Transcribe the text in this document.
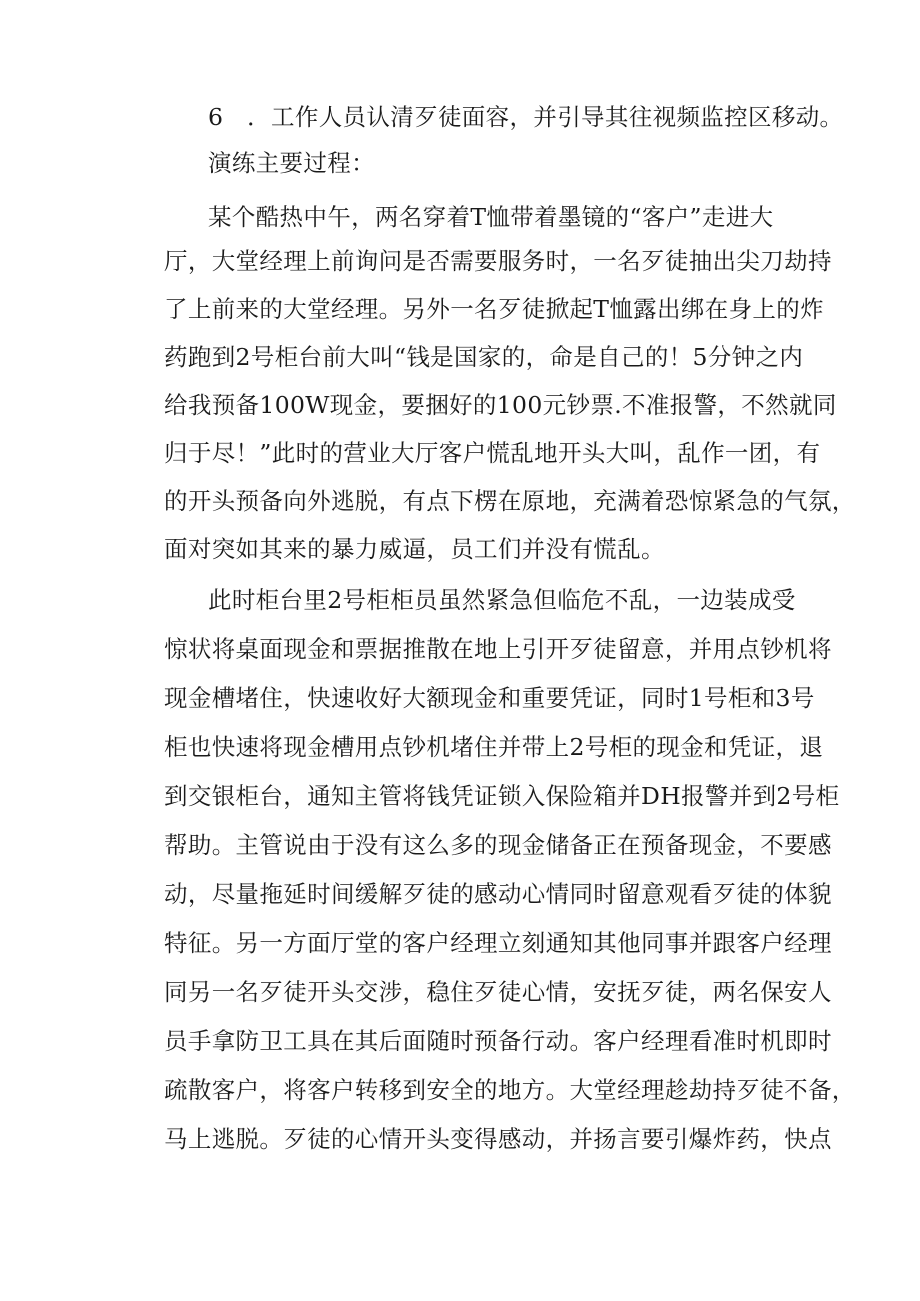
6　．工作人员认清歹徒面容，并引导其往视频监控区移动。
演练主要过程：
某个酷热中午，两名穿着T恤带着墨镜的“客户”走进大
厅，大堂经理上前询问是否需要服务时，一名歹徒抽出尖刀劫持
了上前来的大堂经理。另外一名歹徒掀起T恤露出绑在身上的炸
药跑到2号柜台前大叫“钱是国家的，命是自己的！5分钟之内
给我预备100W现金，要捆好的100元钞票.不准报警，不然就同
归于尽！”此时的营业大厅客户慌乱地开头大叫，乱作一团，有
的开头预备向外逃脱，有点下楞在原地，充满着恐惊紧急的气氛，
面对突如其来的暴力威逼，员工们并没有慌乱。
此时柜台里2号柜柜员虽然紧急但临危不乱，一边装成受
惊状将桌面现金和票据推散在地上引开歹徒留意，并用点钞机将
现金槽堵住，快速收好大额现金和重要凭证，同时1号柜和3号
柜也快速将现金槽用点钞机堵住并带上2号柜的现金和凭证，退
到交银柜台，通知主管将钱凭证锁入保险箱并DH报警并到2号柜
帮助。主管说由于没有这么多的现金储备正在预备现金，不要感
动，尽量拖延时间缓解歹徒的感动心情同时留意观看歹徒的体貌
特征。另一方面厅堂的客户经理立刻通知其他同事并跟客户经理
同另一名歹徒开头交涉，稳住歹徒心情，安抚歹徒，两名保安人
员手拿防卫工具在其后面随时预备行动。客户经理看准时机即时
疏散客户，将客户转移到安全的地方。大堂经理趁劫持歹徒不备，
马上逃脱。歹徒的心情开头变得感动，并扬言要引爆炸药，快点
